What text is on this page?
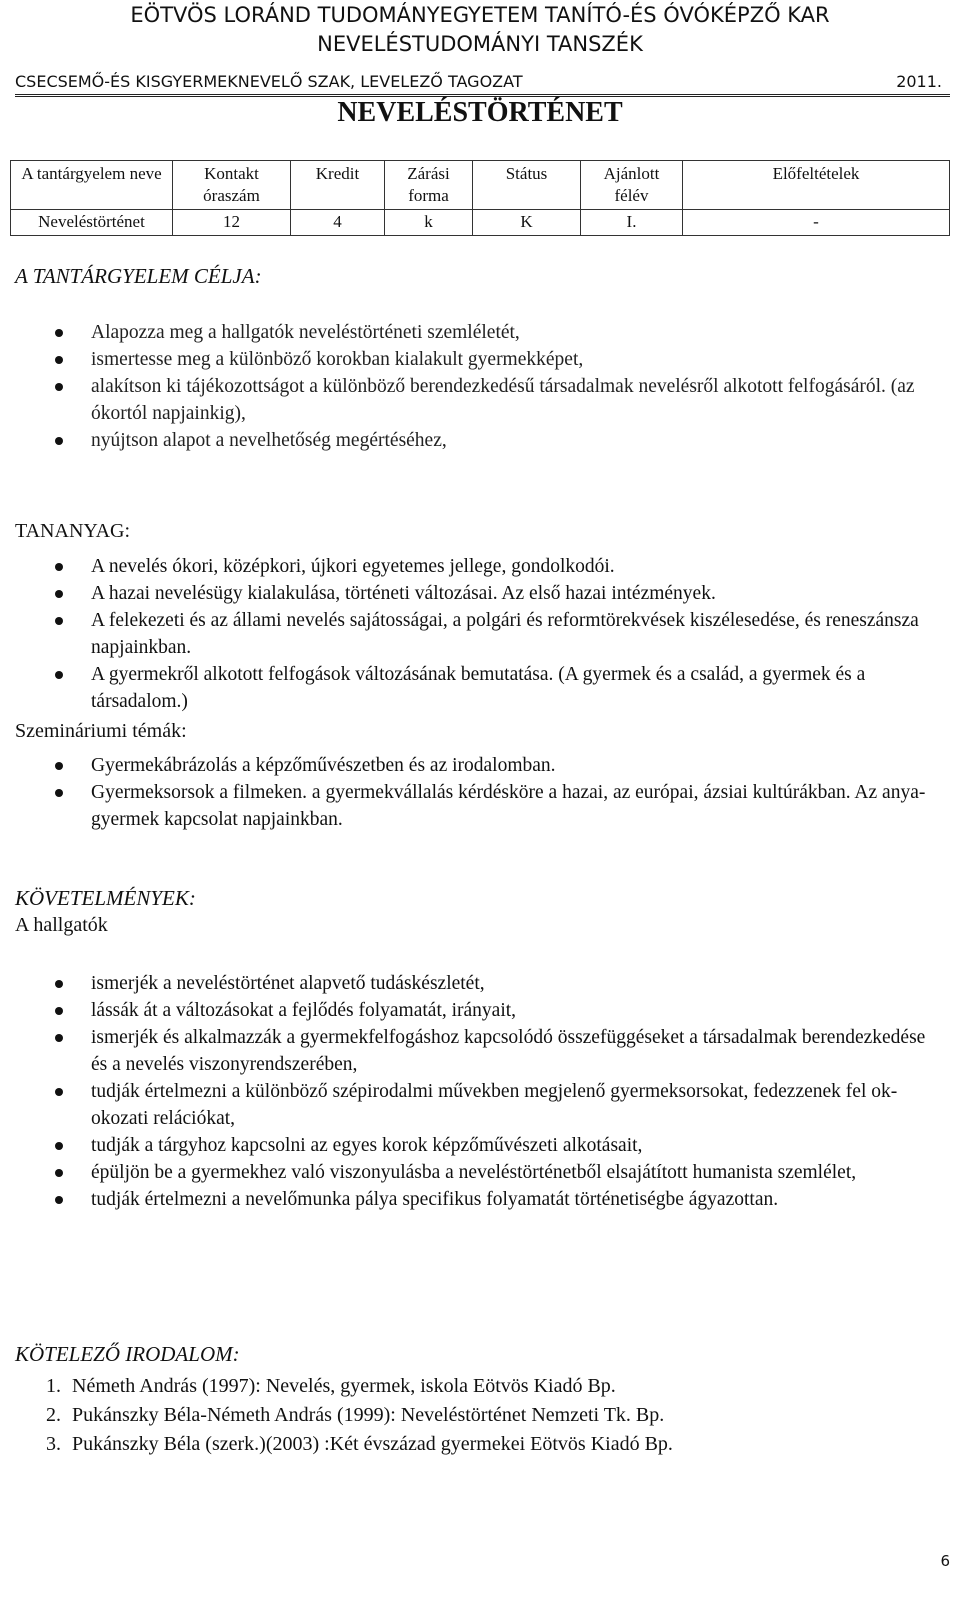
EÖTVÖS LORÁND TUDOMÁNYEGYETEM TANÍTÓ-ÉS ÓVÓKÉPZŐ KAR
NEVELÉSTUDOMÁNYI TANSZÉK
CSECSEMŐ-ÉS KISGYERMEKNEVELŐ SZAK, LEVELEZŐ TAGOZAT	2011.
NEVELÉSTÖRTÉNET
A tantárgyelem neve	Kontakt óraszám	Kredit	Zárási forma	Státus	Ajánlott félév	Előfeltételek
Neveléstörténet	12	4	k	K	I.	-
A TANTÁRGYELEM CÉLJA:
Alapozza meg a hallgatók neveléstörténeti szemléletét,
ismertesse meg a különböző korokban kialakult gyermekképet,
alakítson ki tájékozottságot a különböző berendezkedésű társadalmak nevelésről alkotott felfogásáról. (az ókortól napjainkig),
nyújtson alapot a nevelhetőség megértéséhez,
TANANYAG:
A nevelés ókori, középkori, újkori egyetemes jellege, gondolkodói.
A hazai nevelésügy kialakulása, történeti változásai. Az első hazai intézmények.
A felekezeti és az állami nevelés sajátosságai, a polgári és reformtörekvések kiszélesedése, és reneszánsza napjainkban.
A gyermekről alkotott felfogások változásának bemutatása. (A gyermek és a család, a gyermek és a társadalom.)
Szemináriumi témák:
Gyermekábrázolás a képzőművészetben és az irodalomban.
Gyermeksorsok a filmeken. a gyermekvállalás kérdésköre a hazai, az európai, ázsiai kultúrákban. Az anya-gyermek kapcsolat napjainkban.
KÖVETELMÉNYEK:
A hallgatók
ismerjék a neveléstörténet alapvető tudáskészletét,
lássák át a változásokat a fejlődés folyamatát, irányait,
ismerjék és alkalmazzák a gyermekfelfogáshoz kapcsolódó összefüggéseket a társadalmak berendezkedése és a nevelés viszonyrendszerében,
tudják értelmezni a különböző szépirodalmi művekben megjelenő gyermeksorsokat, fedezzenek fel ok-okozati relációkat,
tudják a tárgyhoz kapcsolni az egyes korok képzőművészeti alkotásait,
épüljön be a gyermekhez való viszonyulásba a neveléstörténetből elsajátított humanista szemlélet,
tudják értelmezni a nevelőmunka pálya specifikus folyamatát történetiségbe ágyazottan.
KÖTELEZŐ IRODALOM:
1. Németh András (1997): Nevelés, gyermek, iskola Eötvös Kiadó Bp.
2. Pukánszky Béla-Németh András (1999): Neveléstörténet Nemzeti Tk. Bp.
3. Pukánszky Béla (szerk.)(2003) :Két évszázad gyermekei Eötvös Kiadó Bp.
6
